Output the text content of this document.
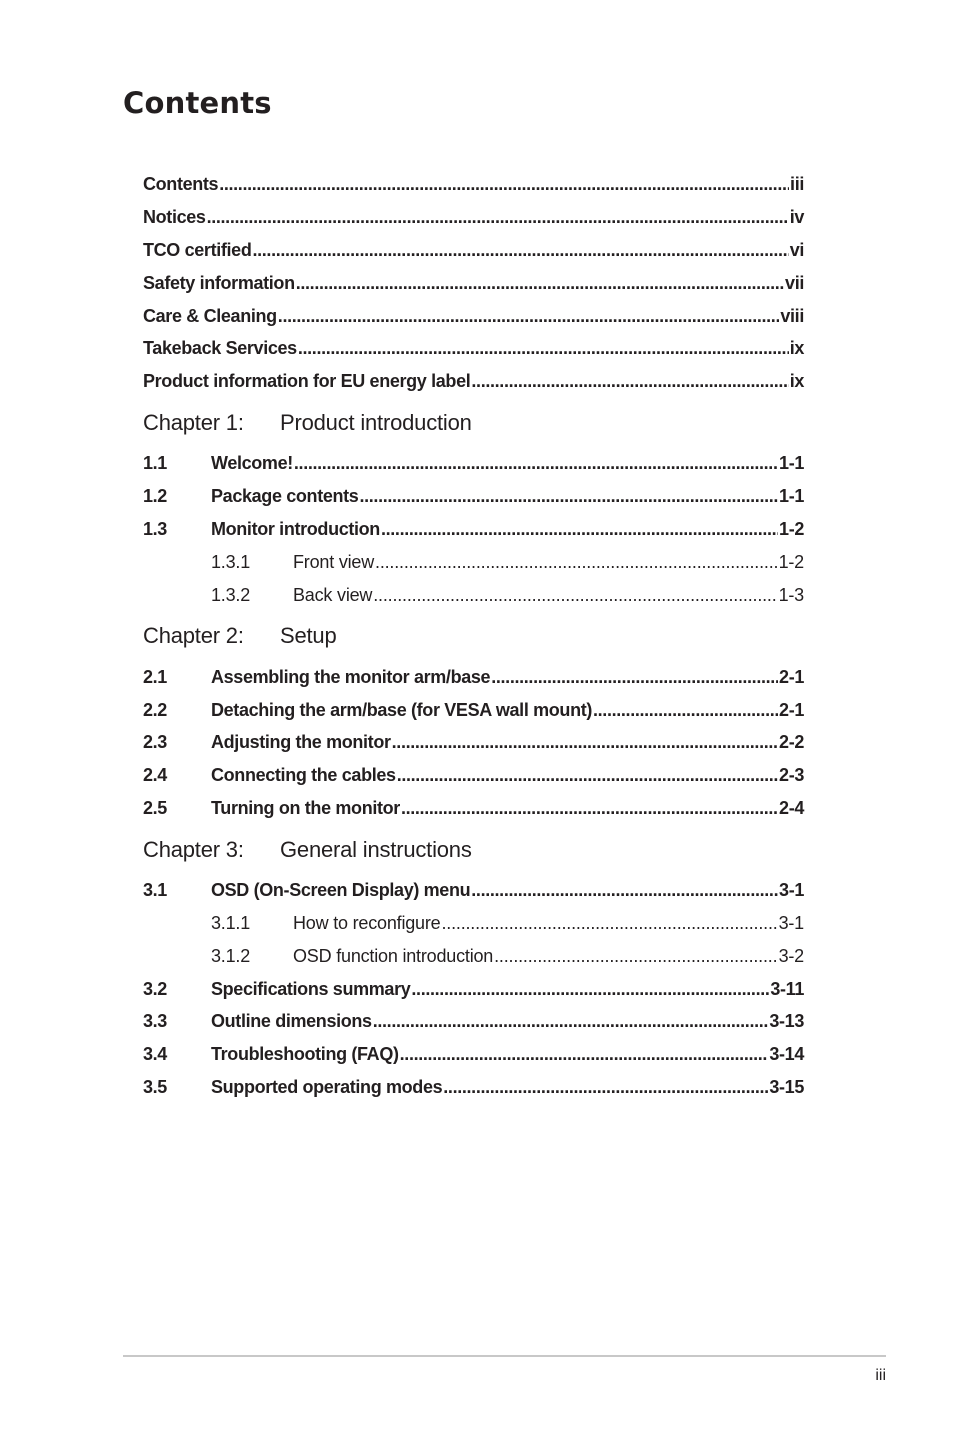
Contents
Contents .....	iii
Notices .....	iv
TCO certified .....	vi
Safety information .....	vii
Care & Cleaning .....	viii
Takeback Services .....	ix
Product information for EU energy label .....	ix
Chapter 1: Product introduction
1.1	Welcome! .....	1-1
1.2	Package contents .....	1-1
1.3	Monitor introduction .....	1-2
1.3.1	Front view .....	1-2
1.3.2	Back view .....	1-3
Chapter 2: Setup
2.1	Assembling the monitor arm/base .....	2-1
2.2	Detaching the arm/base (for VESA wall mount) .....	2-1
2.3	Adjusting the monitor .....	2-2
2.4	Connecting the cables .....	2-3
2.5	Turning on the monitor .....	2-4
Chapter 3: General instructions
3.1	OSD (On-Screen Display) menu .....	3-1
3.1.1	How to reconfigure .....	3-1
3.1.2	OSD function introduction .....	3-2
3.2	Specifications summary .....	3-11
3.3	Outline dimensions .....	3-13
3.4	Troubleshooting (FAQ) .....	3-14
3.5	Supported operating modes .....	3-15
iii
